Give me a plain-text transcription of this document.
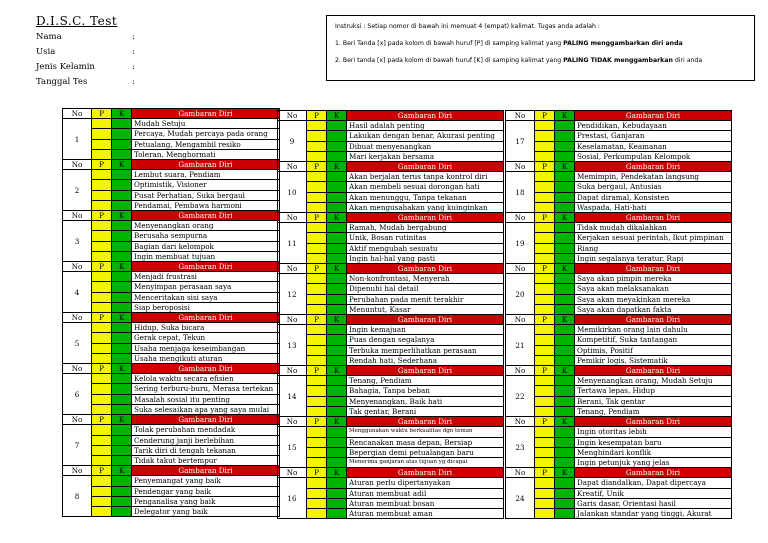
D.I.S.C. Test
Nama	:
Usia	:
Jenis Kelamin	:
Tanggal Tes	:

Instruksi : Setiap nomor di bawah ini memuat 4 (empat) kalimat. Tugas anda adalah :

1. Beri Tanda [x] pada kolom di bawah huruf [P] di samping kalimat yang PALING menggambarkan diri anda

2. Beri tanda [x] pada kolom di bawah huruf [K] di samping kalimat yang PALING TIDAK menggambarkan diri anda

No	P	K	Gambaran Diri
1			Mudah Setuju
			Percaya, Mudah percaya pada orang
			Petualang, Mengambil resiko
			Toleran, Menghormati
No	P	K	Gambaran Diri
2			Lembut suara, Pendiam
			Optimistik, Visioner
			Pusat Perhatian, Suka bergaul
			Pendamai, Pembawa harmoni
No	P	K	Gambaran Diri
3			Menyenangkan orang
			Berusaha sempurna
			Bagian dari kelompok
			Ingin membuat tujuan
No	P	K	Gambaran Diri
4			Menjadi frustrasi
			Menyimpan perasaan saya
			Menceritakan sisi saya
			Siap beroposisi
No	P	K	Gambaran Diri
5			Hidup, Suka bicara
			Gerak cepat, Tekun
			Usaha menjaga keseimbangan
			Usaha mengikuti aturan
No	P	K	Gambaran Diri
6			Kelola waktu secara efisien
			Sering terburu-buru, Merasa tertekan
			Masalah sosial itu penting
			Suka selesaikan apa yang saya mulai
No	P	K	Gambaran Diri
7			Tolak perubahan mendadak
			Cenderung janji berlebihan
			Tarik diri di tengah tekanan
			Tidak takut bertempur
No	P	K	Gambaran Diri
8			Penyemangat yang baik
			Pendengar yang baik
			Penganalisa yang baik
			Delegator yang baik
No	P	K	Gambaran Diri
9			Hasil adalah penting
			Lakukan dengan benar, Akurasi penting
			Dibuat menyenangkan
			Mari kerjakan bersama
No	P	K	Gambaran Diri
10			Akan berjalan terus tanpa kontrol diri
			Akan membeli sesuai dorongan hati
			Akan menunggu, Tanpa tekanan
			Akan mengusahakan yang kuinginkan
No	P	K	Gambaran Diri
11			Ramah, Mudah bergabung
			Unik, Bosan rutinitas
			Aktif mengubah sesuatu
			Ingin hal-hal yang pasti
No	P	K	Gambaran Diri
12			Non-konfrontasi, Menyerah
			Dipenuhi hal detail
			Perubahan pada menit terakhir
			Menuntut, Kasar
No	P	K	Gambaran Diri
13			Ingin kemajuan
			Puas dengan segalanya
			Terbuka memperlihatkan perasaan
			Rendah hati, Sederhana
No	P	K	Gambaran Diri
14			Tenang, Pendiam
			Bahagia, Tanpa beban
			Menyenangkan, Baik hati
			Tak gentar, Berani
No	P	K	Gambaran Diri
15			Menggunakan waktu berkualitas dgn teman
			Rencanakan masa depan, Bersiap
			Bepergian demi petualangan baru
			Menerima ganjaran atas tujuan yg dicapai
No	P	K	Gambaran Diri
16			Aturan perlu dipertanyakan
			Aturan membuat adil
			Aturan membuat bosan
			Aturan membuat aman
No	P	K	Gambaran Diri
17			Pendidikan, Kebudayaan
			Prestasi, Ganjaran
			Keselamatan, Keamanan
			Sosial, Perkumpulan Kelompok
No	P	K	Gambaran Diri
18			Memimpin, Pendekatan langsung
			Suka bergaul, Antusias
			Dapat diramal, Konsisten
			Waspada, Hati-hati
No	P	K	Gambaran Diri
19			Tidak mudah dikalahkan
			Kerjakan sesuai perintah, Ikut pimpinan
			Riang
			Ingin segalanya teratur, Rapi
No	P	K	Gambaran Diri
20			Saya akan pimpin mereka
			Saya akan melaksanakan
			Saya akan meyakinkan mereka
			Saya akan dapatkan fakta
No	P	K	Gambaran Diri
21			Memikirkan orang lain dahulu
			Kompetitif, Suka tantangan
			Optimis, Positif
			Pemikir logis, Sistematik
No	P	K	Gambaran Diri
22			Menyenangkan orang, Mudah Setuju
			Tertawa lepas, Hidup
			Berani, Tak gentar
			Tenang, Pendiam
No	P	K	Gambaran Diri
23			Ingin otoritas lebih
			Ingin kesempatan baru
			Menghindari konflik
			Ingin petunjuk yang jelas
No	P	K	Gambaran Diri
24			Dapat diandalkan, Dapat dipercaya
			Kreatif, Unik
			Garis dasar, Orientasi hasil
			Jalankan standar yang tinggi, Akurat
